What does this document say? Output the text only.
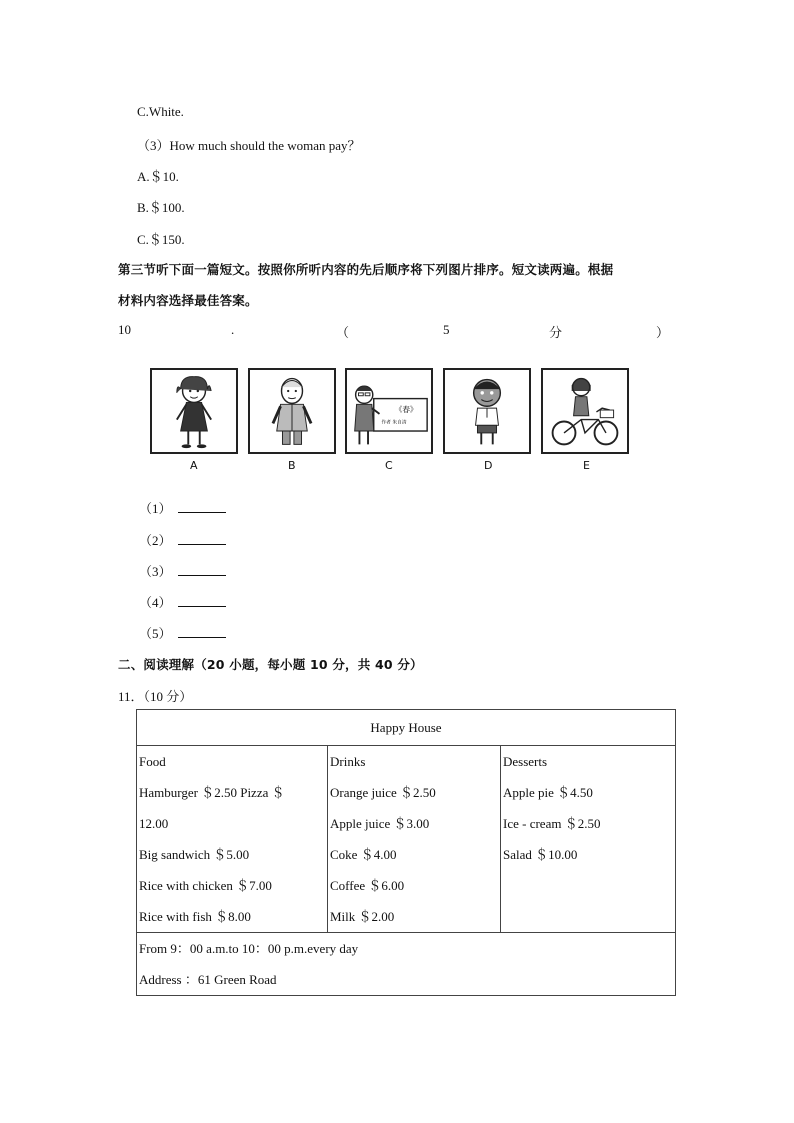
C.White.
（3）How much should the woman pay？
A.＄10.
B.＄100.
C.＄150.
第三节听下面一篇短文。按照你所听内容的先后顺序将下列图片排序。短文读两遍。根据
材料内容选择最佳答案。
10	.	（	5	分	）
《春》
作者 朱自清
A	B	C	D	E
（1）
（2）
（3）
（4）
（5）
二、阅读理解（20 小题，每小题 10 分，共 40 分）
11．（10 分）
Happy House

Food
Hamburger ＄2.50 Pizza ＄
12.00
Big sandwich ＄5.00
Rice with chicken ＄7.00
Rice with fish ＄8.00

Drinks
Orange juice ＄2.50
Apple juice ＄3.00
Coke ＄4.00
Coffee ＄6.00
Milk ＄2.00

Desserts
Apple pie ＄4.50
Ice - cream ＄2.50
Salad ＄10.00

From 9：00 a.m.to 10：00 p.m.every day
Address ：61 Green Road
